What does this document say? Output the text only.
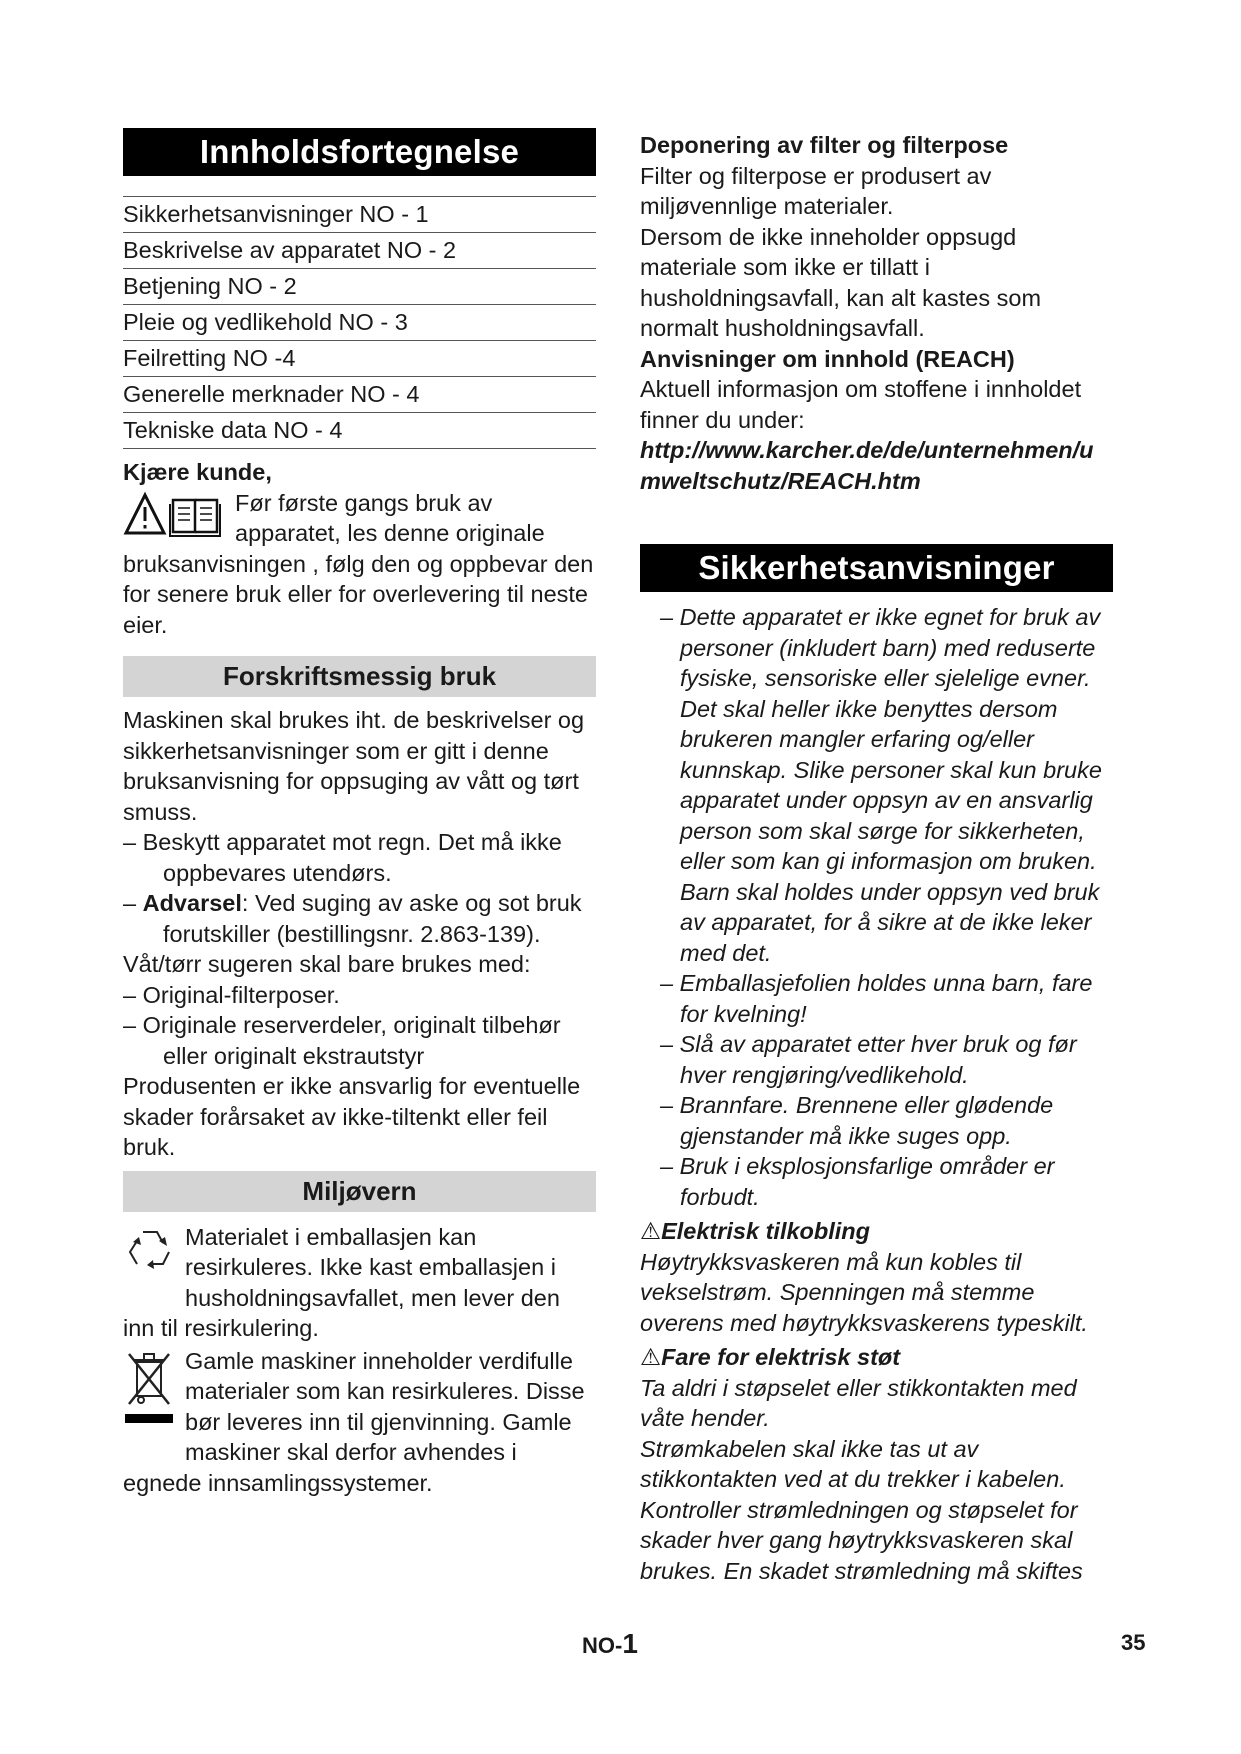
Innholdsfortegnelse
Sikkerhetsanvisninger NO - 1
Beskrivelse av apparatet NO - 2
Betjening NO - 2
Pleie og vedlikehold NO - 3
Feilretting NO -4
Generelle merknader NO - 4
Tekniske data NO - 4

Kjære kunde,

Før første gangs bruk av apparatet, les denne originale bruksanvisningen , følg den og oppbevar den for senere bruk eller for overlevering til neste eier.

Forskriftsmessig bruk

Maskinen skal brukes iht. de beskrivelser og sikkerhetsanvisninger som er gitt i denne bruksanvisning for oppsuging av vått og tørt smuss.

– Beskytt apparatet mot regn. Det må ikke oppbevares utendørs.

– Advarsel: Ved suging av aske og sot bruk forutskiller (bestillingsnr. 2.863-139).

Våt/tørr sugeren skal bare brukes med:

– Original-filterposer.

– Originale reserverdeler, originalt tilbehør eller originalt ekstrautstyr

Produsenten er ikke ansvarlig for eventuelle skader forårsaket av ikke-tiltenkt eller feil bruk.

Miljøvern

Materialet i emballasjen kan resirkuleres. Ikke kast emballasjen i husholdningsavfallet, men lever den inn til resirkulering.

Gamle maskiner inneholder verdifulle materialer som kan resirkuleres. Disse bør leveres inn til gjenvinning. Gamle maskiner skal derfor avhendes i egnede innsamlingssystemer.

Deponering av filter og filterpose

Filter og filterpose er produsert av miljøvennlige materialer.

Dersom de ikke inneholder oppsugd materiale som ikke er tillatt i husholdningsavfall, kan alt kastes som normalt husholdningsavfall.

Anvisninger om innhold (REACH)

Aktuell informasjon om stoffene i innholdet finner du under:

http://www.karcher.de/de/unternehmen/umweltschutz/REACH.htm

Sikkerhetsanvisninger

– Dette apparatet er ikke egnet for bruk av personer (inkludert barn) med reduserte fysiske, sensoriske eller sjelelige evner. Det skal heller ikke benyttes dersom brukeren mangler erfaring og/eller kunnskap. Slike personer skal kun bruke apparatet under oppsyn av en ansvarlig person som skal sørge for sikkerheten, eller som kan gi informasjon om bruken. Barn skal holdes under oppsyn ved bruk av apparatet, for å sikre at de ikke leker med det.

– Emballasjefolien holdes unna barn, fare for kvelning!

– Slå av apparatet etter hver bruk og før hver rengjøring/vedlikehold.

– Brannfare. Brennene eller glødende gjenstander må ikke suges opp.

– Bruk i eksplosjonsfarlige områder er forbudt.

⚠Elektrisk tilkobling

Høytrykksvaskeren må kun kobles til vekselstrøm. Spenningen må stemme overens med høytrykksvaskerens typeskilt.

⚠Fare for elektrisk støt

Ta aldri i støpselet eller stikkontakten med våte hender.

Strømkabelen skal ikke tas ut av stikkontakten ved at du trekker i kabelen.

Kontroller strømledningen og støpselet for skader hver gang høytrykksvaskeren skal brukes. En skadet strømledning må skiftes

NO-1	35
